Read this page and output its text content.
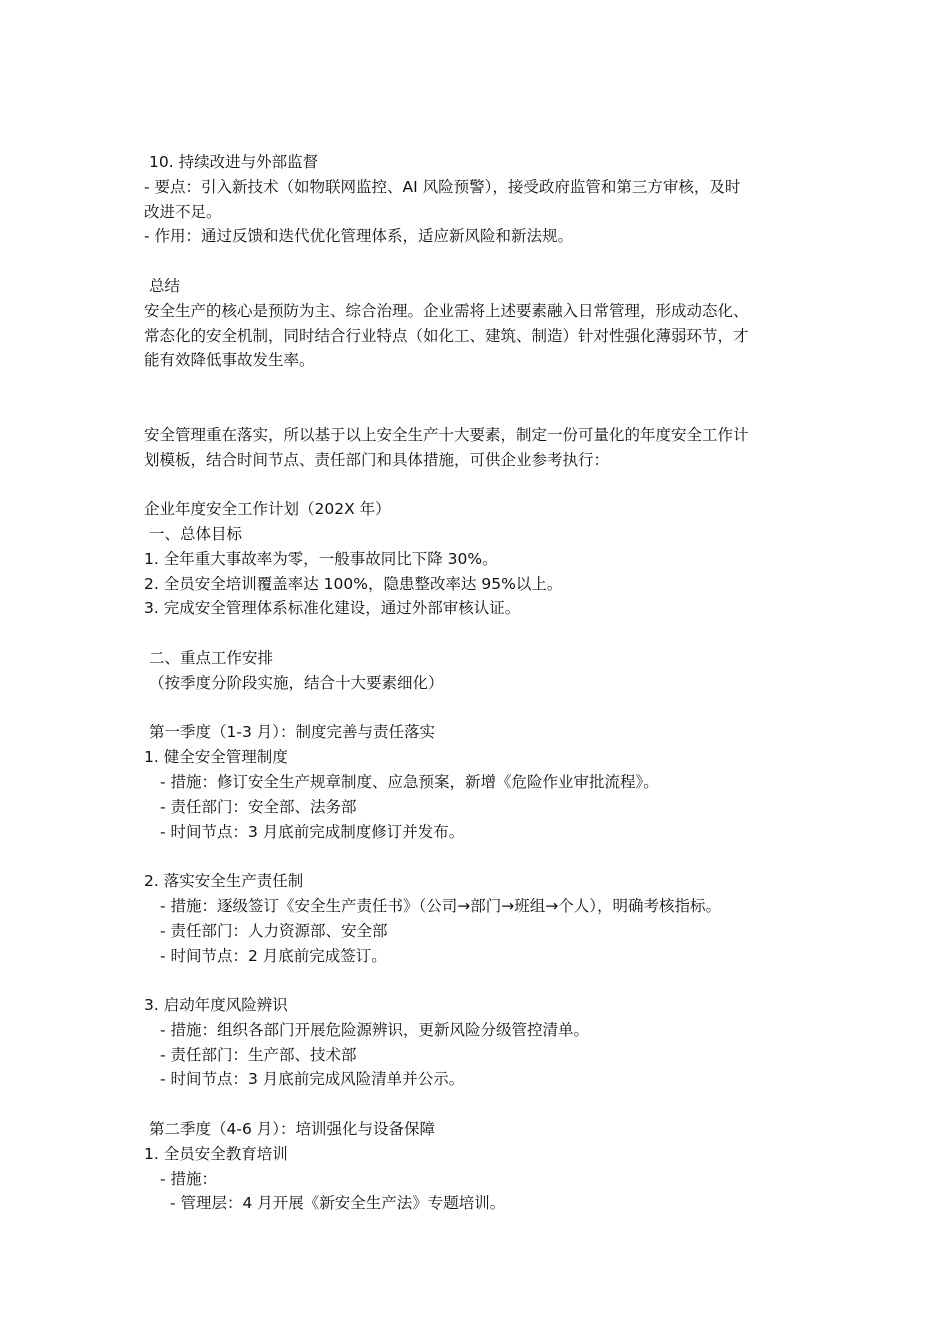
10. 持续改进与外部监督
- 要点：引入新技术（如物联网监控、AI 风险预警），接受政府监管和第三方审核，及时
改进不足。
- 作用：通过反馈和迭代优化管理体系，适应新风险和新法规。
总结
安全生产的核心是预防为主、综合治理。企业需将上述要素融入日常管理，形成动态化、
常态化的安全机制，同时结合行业特点（如化工、建筑、制造）针对性强化薄弱环节，才
能有效降低事故发生率。
安全管理重在落实，所以基于以上安全生产十大要素，制定一份可量化的年度安全工作计
划模板，结合时间节点、责任部门和具体措施，可供企业参考执行：
企业年度安全工作计划（202X 年）
一、总体目标
1. 全年重大事故率为零，一般事故同比下降 30%。
2. 全员安全培训覆盖率达 100%，隐患整改率达 95%以上。
3. 完成安全管理体系标准化建设，通过外部审核认证。
二、重点工作安排
（按季度分阶段实施，结合十大要素细化）
第一季度（1-3 月）：制度完善与责任落实
1. 健全安全管理制度
- 措施：修订安全生产规章制度、应急预案，新增《危险作业审批流程》。
- 责任部门：安全部、法务部
- 时间节点：3 月底前完成制度修订并发布。
2. 落实安全生产责任制
- 措施：逐级签订《安全生产责任书》（公司→部门→班组→个人），明确考核指标。
- 责任部门：人力资源部、安全部
- 时间节点：2 月底前完成签订。
3. 启动年度风险辨识
- 措施：组织各部门开展危险源辨识，更新风险分级管控清单。
- 责任部门：生产部、技术部
- 时间节点：3 月底前完成风险清单并公示。
第二季度（4-6 月）：培训强化与设备保障
1. 全员安全教育培训
- 措施：
- 管理层：4 月开展《新安全生产法》专题培训。
